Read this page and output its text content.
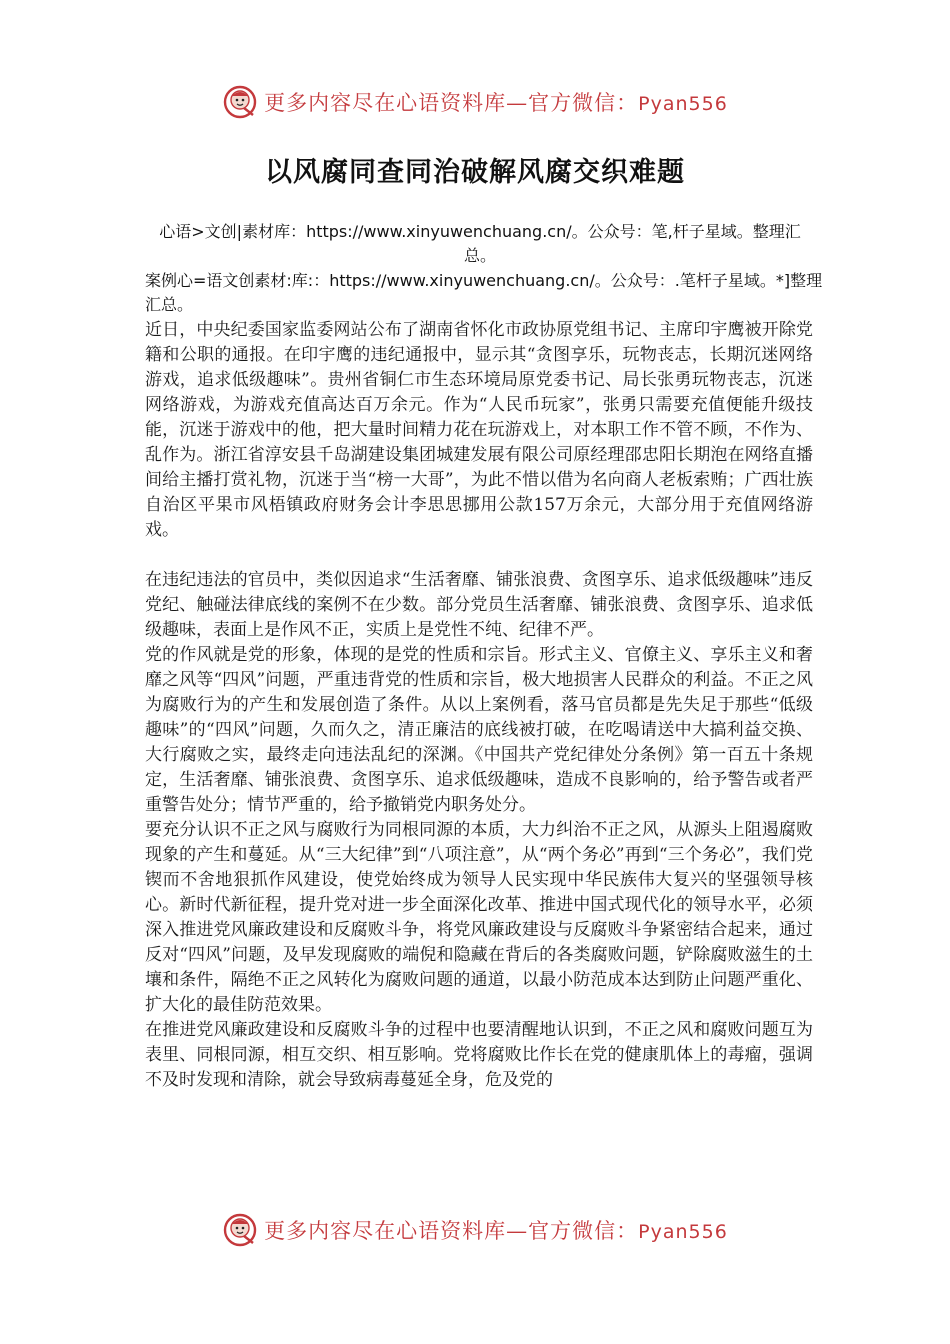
更多内容尽在心语资料库—官方微信：Pyan556
以风腐同查同治破解风腐交织难题
心语>文创|素材库：https://www.xinyuwenchuang.cn/。公众号：笔,杆子星域。整理汇总。
案例心=语文创素材:库:：https://www.xinyuwenchuang.cn/。公众号：.笔杆子星域。*]整理汇总。

近日，中央纪委国家监委网站公布了湖南省怀化市政协原党组书记、主席印宇鹰被开除党籍和公职的通报。在印宇鹰的违纪通报中，显示其“贪图享乐，玩物丧志，长期沉迷网络游戏，追求低级趣味”。贵州省铜仁市生态环境局原党委书记、局长张勇玩物丧志，沉迷网络游戏，为游戏充值高达百万余元。作为“人民币玩家”，张勇只需要充值便能升级技能，沉迷于游戏中的他，把大量时间精力花在玩游戏上，对本职工作不管不顾，不作为、乱作为。浙江省淳安县千岛湖建设集团城建发展有限公司原经理邵忠阳长期泡在网络直播间给主播打赏礼物，沉迷于当“榜一大哥”，为此不惜以借为名向商人老板索贿；广西壮族自治区平果市风梧镇政府财务会计李思思挪用公款157万余元，大部分用于充值网络游戏。

在违纪违法的官员中，类似因追求“生活奢靡、铺张浪费、贪图享乐、追求低级趣味”违反党纪、触碰法律底线的案例不在少数。部分党员生活奢靡、铺张浪费、贪图享乐、追求低级趣味，表面上是作风不正，实质上是党性不纯、纪律不严。

党的作风就是党的形象，体现的是党的性质和宗旨。形式主义、官僚主义、享乐主义和奢靡之风等“四风”问题，严重违背党的性质和宗旨，极大地损害人民群众的利益。不正之风为腐败行为的产生和发展创造了条件。从以上案例看，落马官员都是先失足于那些“低级趣味”的“四风”问题，久而久之，清正廉洁的底线被打破，在吃喝请送中大搞利益交换、大行腐败之实，最终走向违法乱纪的深渊。《中国共产党纪律处分条例》第一百五十条规定，生活奢靡、铺张浪费、贪图享乐、追求低级趣味，造成不良影响的，给予警告或者严重警告处分；情节严重的，给予撤销党内职务处分。

要充分认识不正之风与腐败行为同根同源的本质，大力纠治不正之风，从源头上阻遏腐败现象的产生和蔓延。从“三大纪律”到“八项注意”，从“两个务必”再到“三个务必”，我们党锲而不舍地狠抓作风建设，使党始终成为领导人民实现中华民族伟大复兴的坚强领导核心。新时代新征程，提升党对进一步全面深化改革、推进中国式现代化的领导水平，必须深入推进党风廉政建设和反腐败斗争，将党风廉政建设与反腐败斗争紧密结合起来，通过反对“四风”问题，及早发现腐败的端倪和隐藏在背后的各类腐败问题，铲除腐败滋生的土壤和条件，隔绝不正之风转化为腐败问题的通道，以最小防范成本达到防止问题严重化、扩大化的最佳防范效果。

在推进党风廉政建设和反腐败斗争的过程中也要清醒地认识到，不正之风和腐败问题互为表里、同根同源，相互交织、相互影响。党将腐败比作长在党的健康肌体上的毒瘤，强调不及时发现和清除，就会导致病毒蔓延全身，危及党的

更多内容尽在心语资料库—官方微信：Pyan556
